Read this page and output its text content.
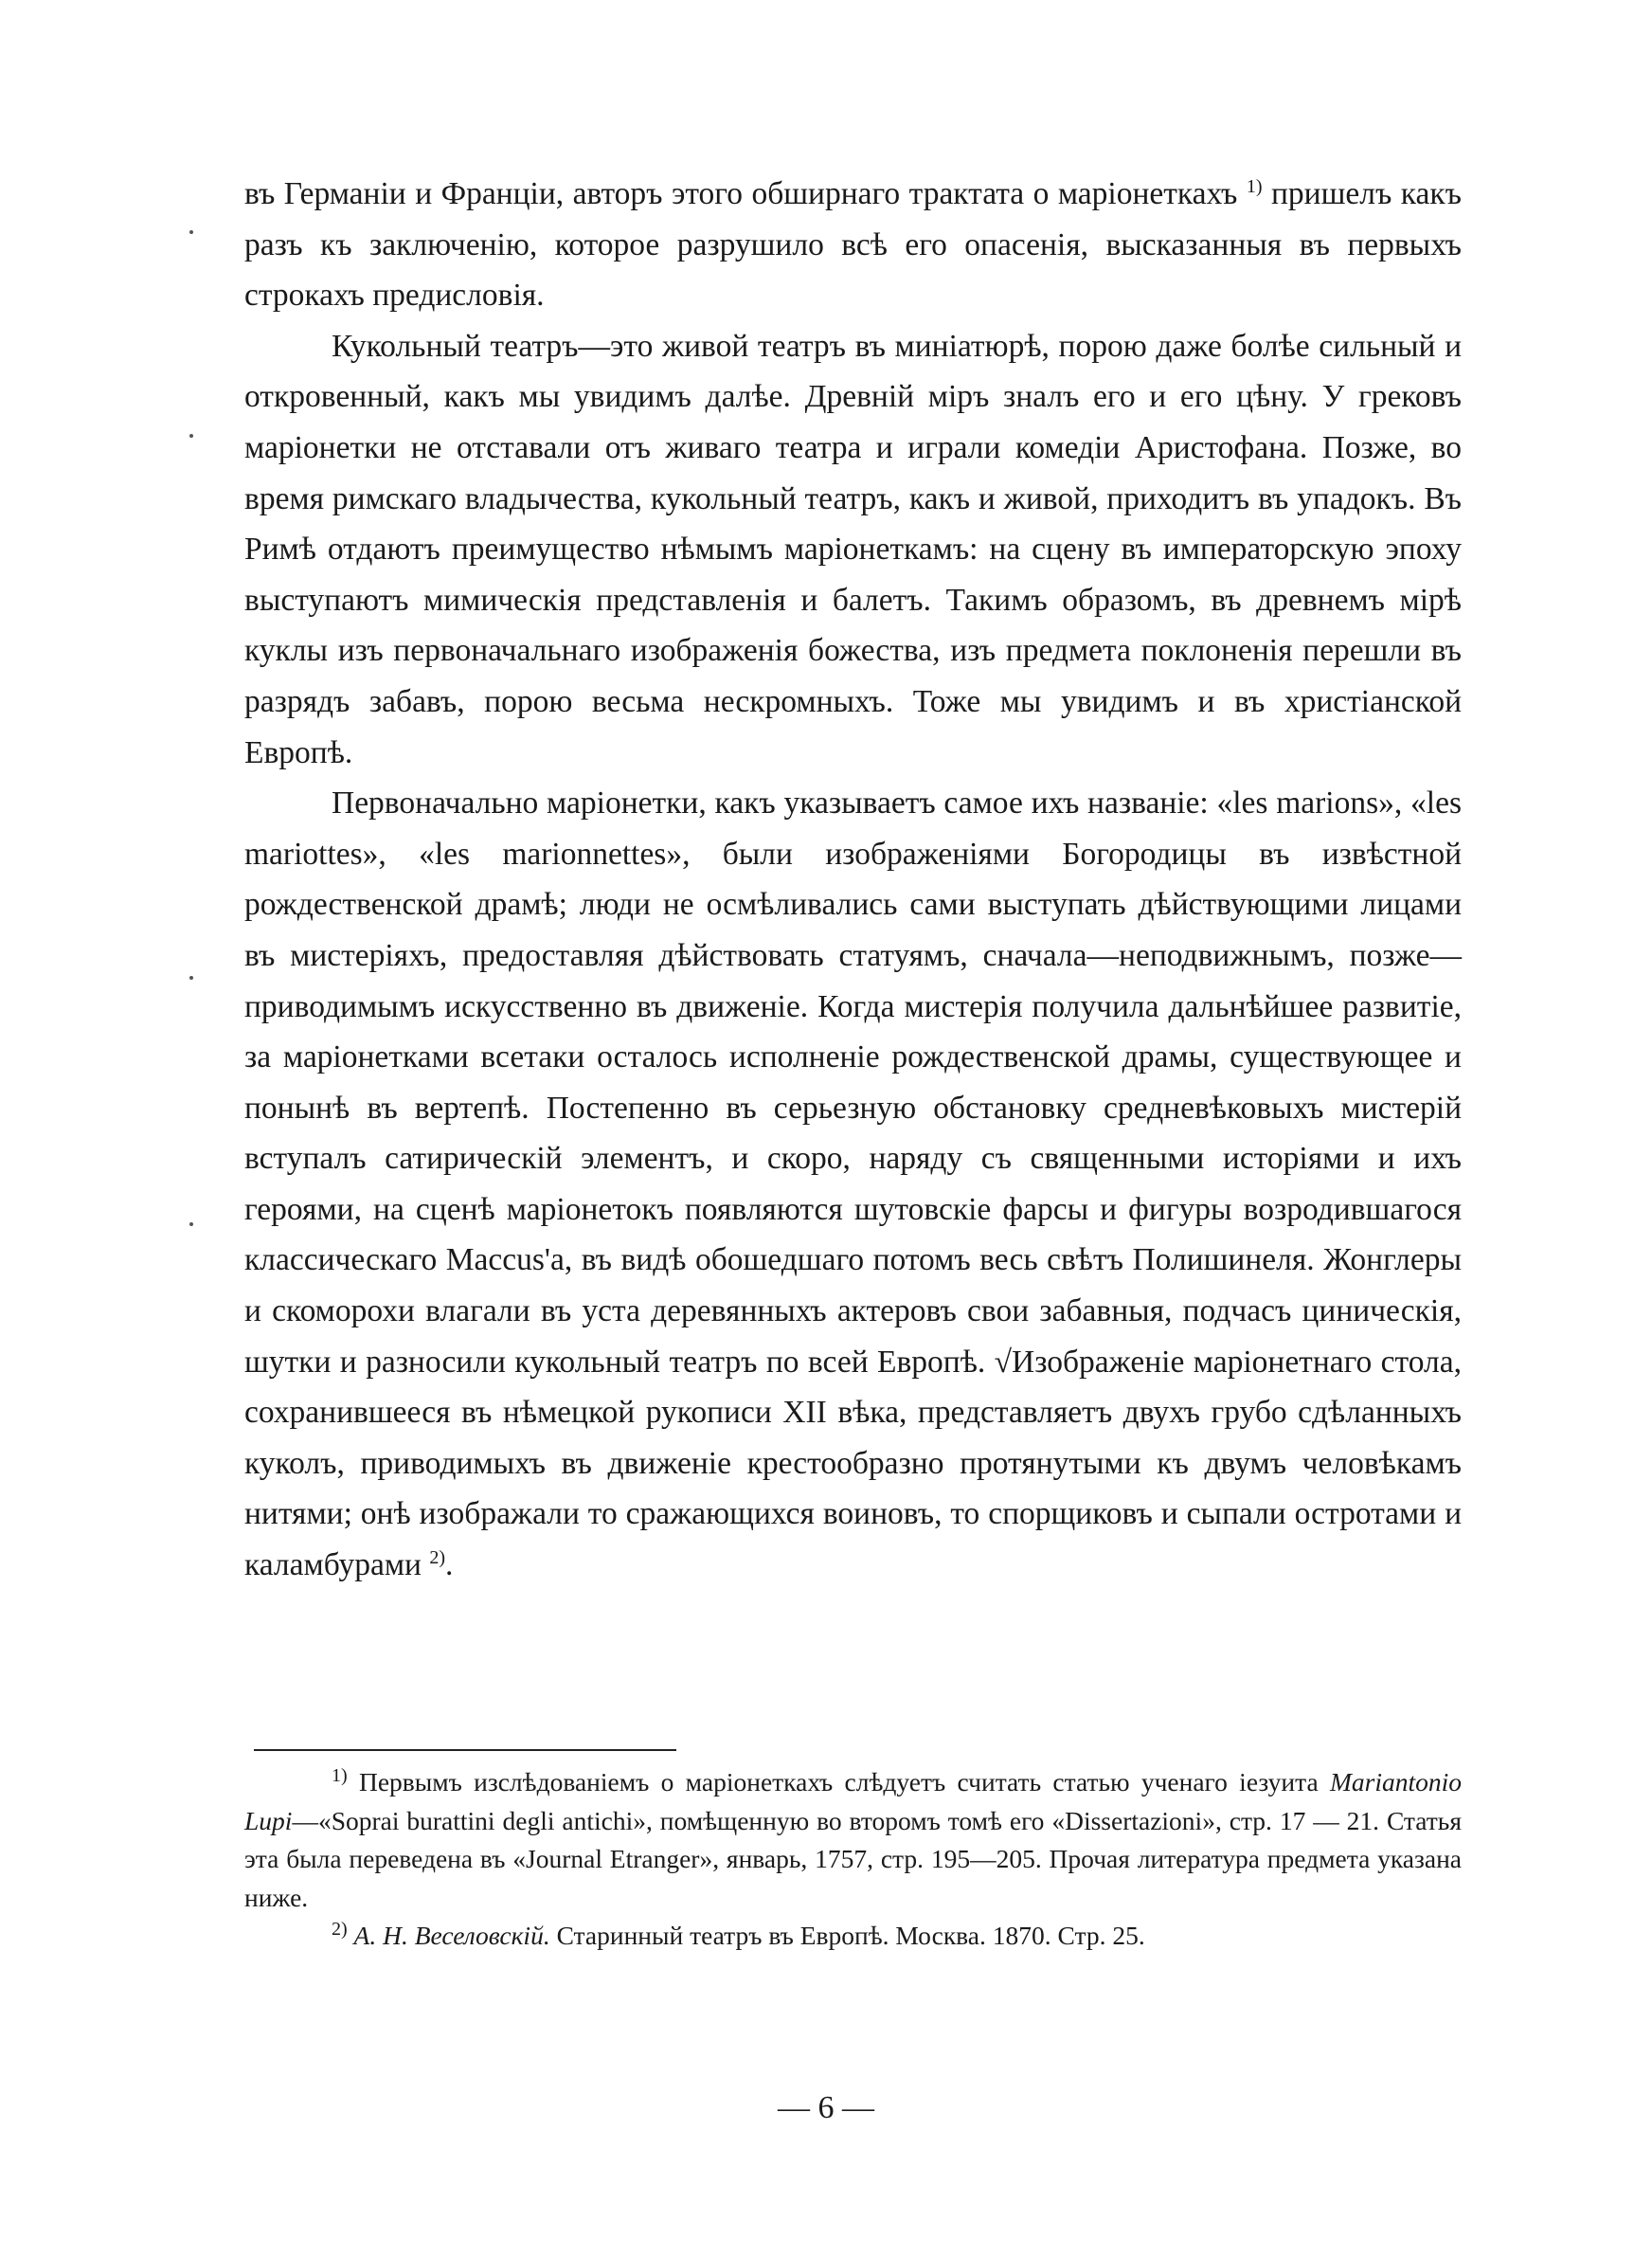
въ Германіи и Франціи, авторъ этого обширнаго трактата о маріонеткахъ $^{1)}$ пришелъ какъ разъ къ заключенію, которое разрушило всѣ его опасенія, высказанныя въ первыхъ строкахъ предисловія.

Кукольный театръ—это живой театръ въ миніатюрѣ, порою даже болѣе сильный и откровенный, какъ мы увидимъ далѣе. Древній міръ зналъ его и его цѣну. У грековъ маріонетки не отставали отъ живаго театра и играли комедіи Аристофана. Позже, во время римскаго владычества, кукольный театръ, какъ и живой, приходитъ въ упадокъ. Въ Римѣ отдаютъ преимущество нѣмымъ маріонеткамъ: на сцену въ императорскую эпоху выступаютъ мимическія представленія и балетъ. Такимъ образомъ, въ древнемъ мірѣ куклы изъ первоначальнаго изображенія божества, изъ предмета поклоненія перешли въ разрядъ забавъ, порою весьма нескромныхъ. Тоже мы увидимъ и въ христіанской Европѣ.

Первоначально маріонетки, какъ указываетъ самое ихъ названіе: «les marions», «les mariottes», «les marionnettes», были изображеніями Богородицы въ извѣстной рождественской драмѣ; люди не осмѣливались сами выступать дѣйствующими лицами въ мистеріяхъ, предоставляя дѣйствовать статуямъ, сначала—неподвижнымъ, позже—приводимымъ искусственно въ движеніе. Когда мистерія получила дальнѣйшее развитіе, за маріонетками всетаки осталось исполненіе рождественской драмы, существующее и понынѣ въ вертепѣ. Постепенно въ серьезную обстановку средневѣковыхъ мистерій вступалъ сатирическій элементъ, и скоро, наряду съ священными исторіями и ихъ героями, на сценѣ маріонетокъ появляются шутовскіе фарсы и фигуры возродившагося классическаго Maccus'а, въ видѣ обошедшаго потомъ весь свѣтъ Полишинеля. Жонглеры и скоморохи влагали въ уста деревянныхъ актеровъ свои забавныя, подчасъ циническія, шутки и разносили кукольный театръ по всей Европѣ. √Изображеніе маріонетнаго стола, сохранившееся въ нѣмецкой рукописи XII вѣка, представляетъ двухъ грубо сдѣланныхъ куколъ, приводимыхъ въ движеніе крестообразно протянутыми къ двумъ человѣкамъ нитями; онѣ изображали то сражающихся воиновъ, то спорщиковъ и сыпали остротами и каламбурами $^{2)}$.

$^{1)}$ Первымъ изслѣдованіемъ о маріонеткахъ слѣдуетъ считать статью ученаго іезуита Mariantonio Lupi—«Soprai burattini degli antichi», помѣщенную во второмъ томѣ его «Dissertazioni», стр. 17 — 21. Статья эта была переведена въ «Journal Etranger», январь, 1757, стр. 195—205. Прочая литература предмета указана ниже.

$^{2)}$ А. Н. Веселовскій. Старинный театръ въ Европѣ. Москва. 1870. Стр. 25.

— 6 —
